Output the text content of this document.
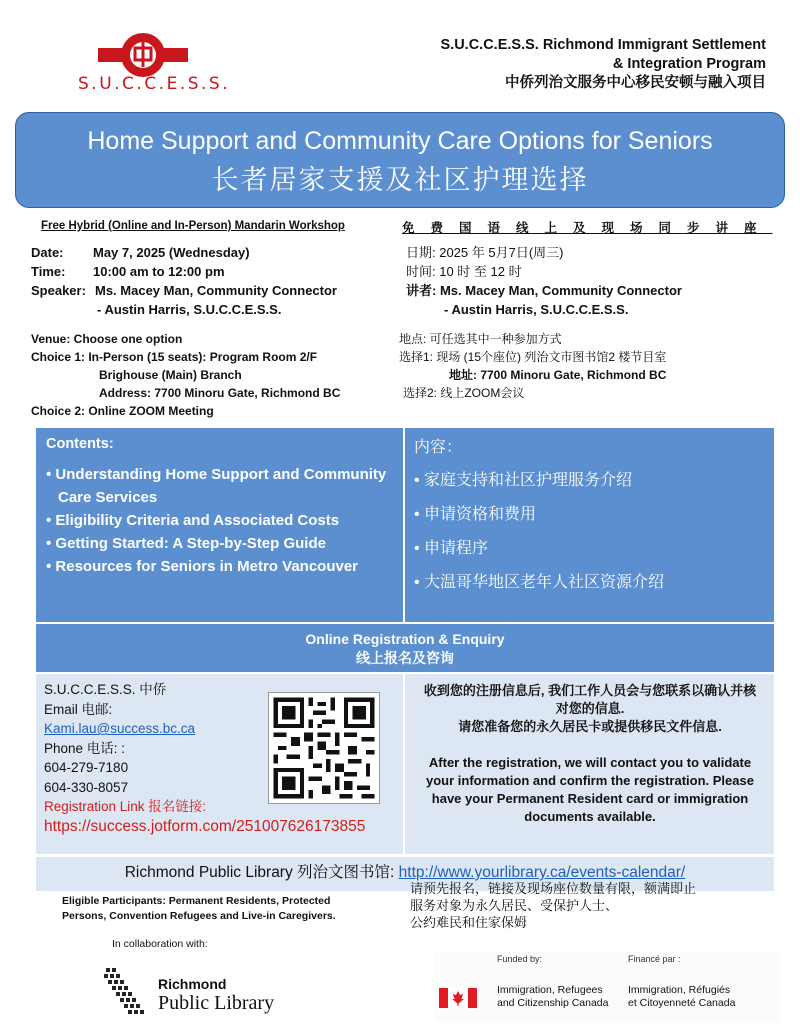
S.U.C.C.E.S.S.
S.U.C.C.E.S.S. Richmond Immigrant Settlement
& Integration Program
中侨列治文服务中心移民安顿与融入项目
Home Support and Community Care Options for Seniors
长者居家支援及社区护理选择
Free Hybrid (Online and In-Person) Mandarin Workshop	免费国语线上及现场同步讲座
Date: May 7, 2025 (Wednesday)
Time: 10:00 am to 12:00 pm
Speaker: Ms. Macey Man, Community Connector
- Austin Harris, S.U.C.C.E.S.S.
日期: 2025 年 5月7日(周三)
时间: 10 时 至 12 时
讲者: Ms. Macey Man, Community Connector
- Austin Harris, S.U.C.C.E.S.S.
Venue: Choose one option
Choice 1: In-Person (15 seats): Program Room 2/F
Brighouse (Main) Branch
Address: 7700 Minoru Gate, Richmond BC
Choice 2: Online ZOOM Meeting
地点: 可任选其中一种参加方式
选择1: 现场 (15个座位) 列治文市图书馆2 楼节目室
地址: 7700 Minoru Gate, Richmond BC
选择2: 线上ZOOM会议
Contents:
• Understanding Home Support and Community Care Services
• Eligibility Criteria and Associated Costs
• Getting Started: A Step-by-Step Guide
• Resources for Seniors in Metro Vancouver
内容：
• 家庭支持和社区护理服务介绍
• 申请资格和费用
• 申请程序
• 大温哥华地区老年人社区资源介绍
Online Registration & Enquiry
线上报名及咨询
S.U.C.C.E.S.S. 中侨
Email 电邮:
Kami.lau@success.bc.ca
Phone 电话: :
604-279-7180
604-330-8057
Registration Link 报名链接:
https://success.jotform.com/251007626173855
收到您的注册信息后, 我们工作人员会与您联系以确认并核对您的信息.
请您准备您的永久居民卡或提供移民文件信息.
After the registration, we will contact you to validate your information and confirm the registration. Please have your Permanent Resident card or immigration documents available.
Richmond Public Library 列治文图书馆: http://www.yourlibrary.ca/events-calendar/
请预先报名，链接及现场座位数量有限，额满即止
服务对象为永久居民、受保护人士、
公约难民和住家保姆
Eligible Participants: Permanent Residents, Protected
Persons, Convention Refugees and Live-in Caregivers.
In collaboration with:
Richmond
Public Library
Funded by:	Financé par :
Immigration, Refugees
and Citizenship Canada
Immigration, Réfugiés
et Citoyenneté Canada
